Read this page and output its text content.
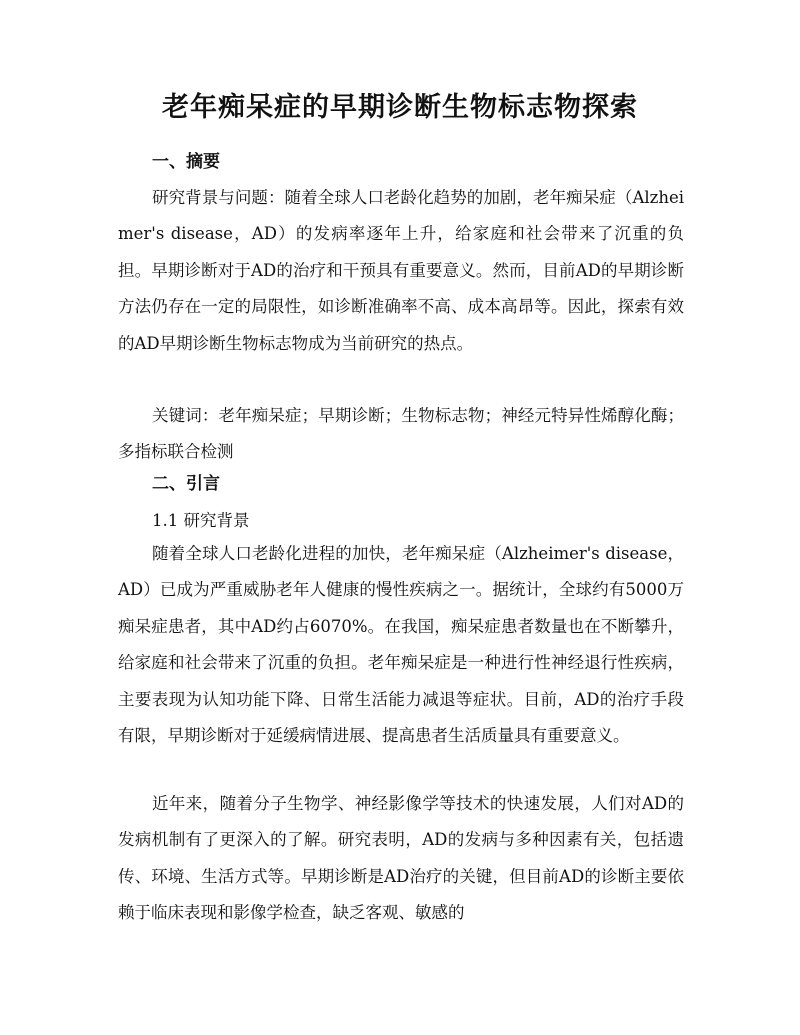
老年痴呆症的早期诊断生物标志物探索
一、摘要
研究背景与问题：随着全球人口老龄化趋势的加剧，老年痴呆症（Alzheimer's disease，AD）的发病率逐年上升，给家庭和社会带来了沉重的负担。早期诊断对于AD的治疗和干预具有重要意义。然而，目前AD的早期诊断方法仍存在一定的局限性，如诊断准确率不高、成本高昂等。因此，探索有效的AD早期诊断生物标志物成为当前研究的热点。
关键词：老年痴呆症；早期诊断；生物标志物；神经元特异性烯醇化酶；多指标联合检测
二、引言
1.1 研究背景
随着全球人口老龄化进程的加快，老年痴呆症（Alzheimer's disease，AD）已成为严重威胁老年人健康的慢性疾病之一。据统计，全球约有5000万痴呆症患者，其中AD约占6070%。在我国，痴呆症患者数量也在不断攀升，给家庭和社会带来了沉重的负担。老年痴呆症是一种进行性神经退行性疾病，主要表现为认知功能下降、日常生活能力减退等症状。目前，AD的治疗手段有限，早期诊断对于延缓病情进展、提高患者生活质量具有重要意义。
近年来，随着分子生物学、神经影像学等技术的快速发展，人们对AD的发病机制有了更深入的了解。研究表明，AD的发病与多种因素有关，包括遗传、环境、生活方式等。早期诊断是AD治疗的关键，但目前AD的诊断主要依赖于临床表现和影像学检查，缺乏客观、敏感的
